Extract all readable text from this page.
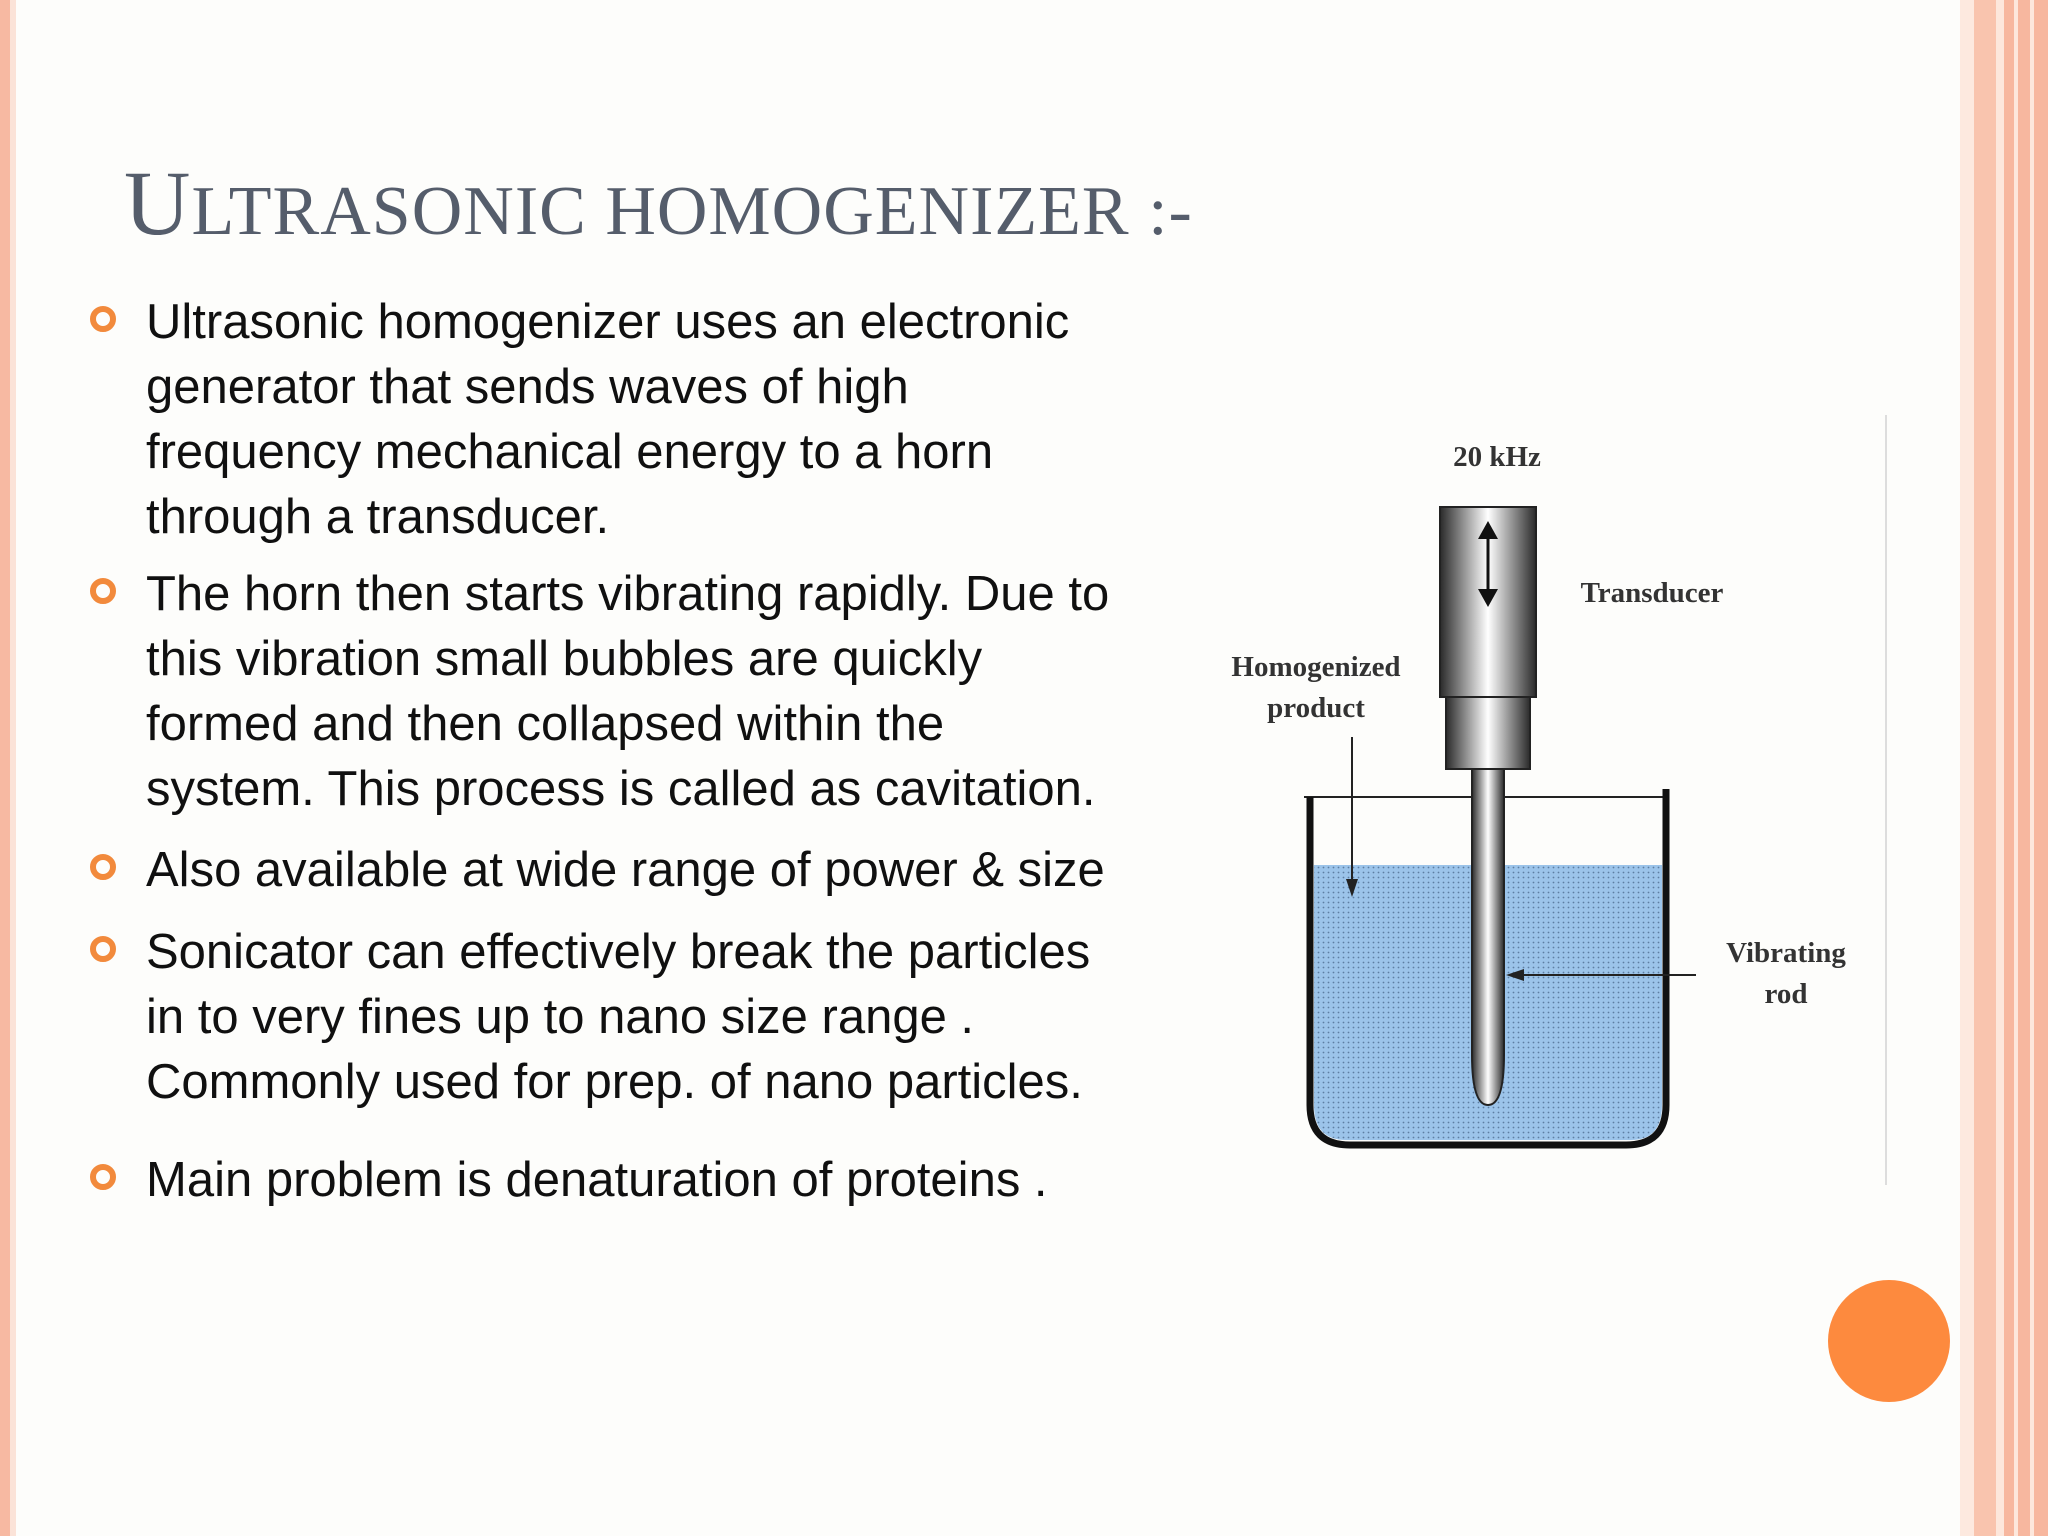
ULTRASONIC HOMOGENIZER :-
Ultrasonic homogenizer uses an electronic
generator that sends waves of high
frequency mechanical energy to a horn
through a transducer.
The horn then starts vibrating rapidly. Due to
this vibration small bubbles are quickly
formed and then collapsed within the
system. This process is called as cavitation.
Also available at wide range of power & size
Sonicator can effectively break the particles
in to very fines up to nano size range .
Commonly used for prep. of nano particles.
Main problem is denaturation of proteins .
20 kHz
Transducer
Homogenized
product
Vibrating
rod
